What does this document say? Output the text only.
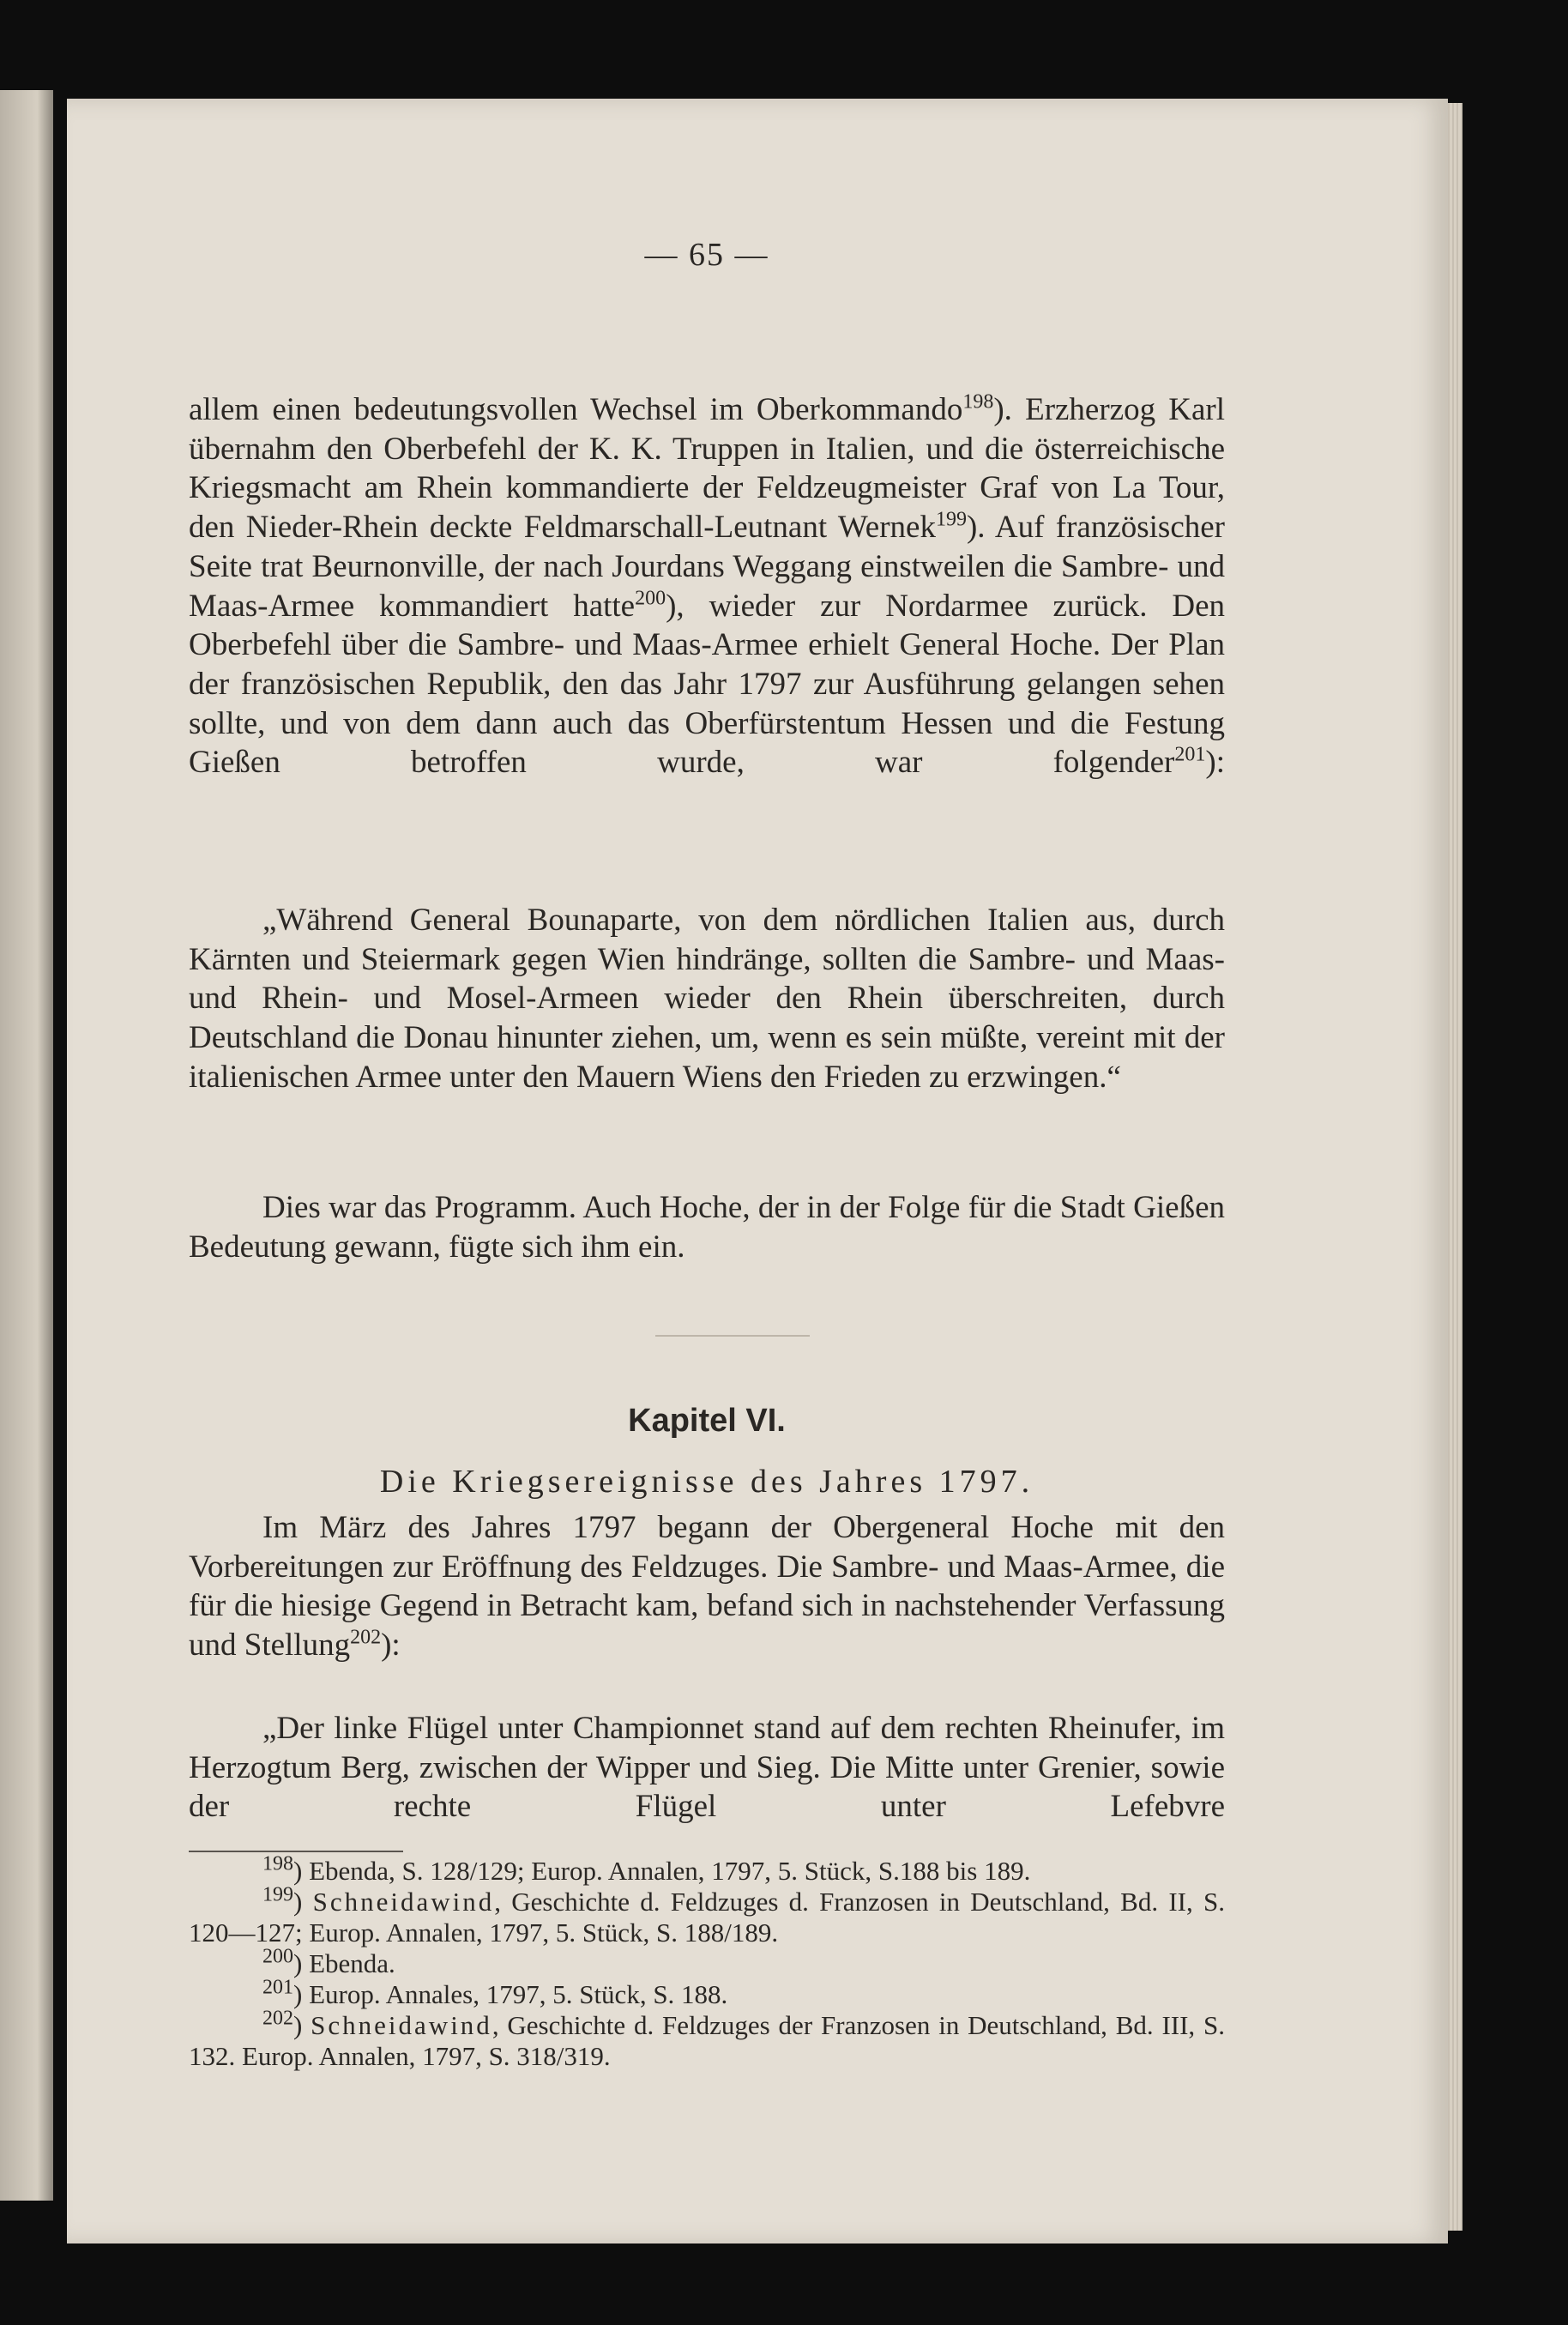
— 65 —

allem einen bedeutungsvollen Wechsel im Oberkommando$^{198}$). Erzherzog Karl übernahm den Oberbefehl der K. K. Truppen in Italien, und die österreichische Kriegsmacht am Rhein kommandierte der Feldzeugmeister Graf von La Tour, den Nieder-Rhein deckte Feldmarschall-Leutnant Wernek$^{199}$). Auf französischer Seite trat Beurnonville, der nach Jourdans Weggang einstweilen die Sambre- und Maas-Armee kommandiert hatte$^{200}$), wieder zur Nordarmee zurück. Den Oberbefehl über die Sambre- und Maas-Armee erhielt General Hoche. Der Plan der französischen Republik, den das Jahr 1797 zur Ausführung gelangen sehen sollte, und von dem dann auch das Oberfürstentum Hessen und die Festung Gießen betroffen wurde, war folgender$^{201}$):

„Während General Bounaparte, von dem nördlichen Italien aus, durch Kärnten und Steiermark gegen Wien hindränge, sollten die Sambre- und Maas- und Rhein- und Mosel-Armeen wieder den Rhein überschreiten, durch Deutschland die Donau hinunter ziehen, um, wenn es sein müßte, vereint mit der italienischen Armee unter den Mauern Wiens den Frieden zu erzwingen.“

Dies war das Programm. Auch Hoche, der in der Folge für die Stadt Gießen Bedeutung gewann, fügte sich ihm ein.

Kapitel VI.
Die Kriegsereignisse des Jahres 1797.

Im März des Jahres 1797 begann der Obergeneral Hoche mit den Vorbereitungen zur Eröffnung des Feldzuges. Die Sambre- und Maas-Armee, die für die hiesige Gegend in Betracht kam, befand sich in nachstehender Verfassung und Stellung$^{202}$):

„Der linke Flügel unter Championnet stand auf dem rechten Rheinufer, im Herzogtum Berg, zwischen der Wipper und Sieg. Die Mitte unter Grenier, sowie der rechte Flügel unter Lefebvre

$^{198}$) Ebenda, S. 128/129; Europ. Annalen, 1797, 5. Stück, S.188 bis 189.

$^{199}$) Schneidawind, Geschichte d. Feldzuges d. Franzosen in Deutschland, Bd. II, S. 120—127; Europ. Annalen, 1797, 5. Stück, S. 188/189.

$^{200}$) Ebenda.

$^{201}$) Europ. Annales, 1797, 5. Stück, S. 188.

$^{202}$) Schneidawind, Geschichte d. Feldzuges der Franzosen in Deutschland, Bd. III, S. 132. Europ. Annalen, 1797, S. 318/319.
